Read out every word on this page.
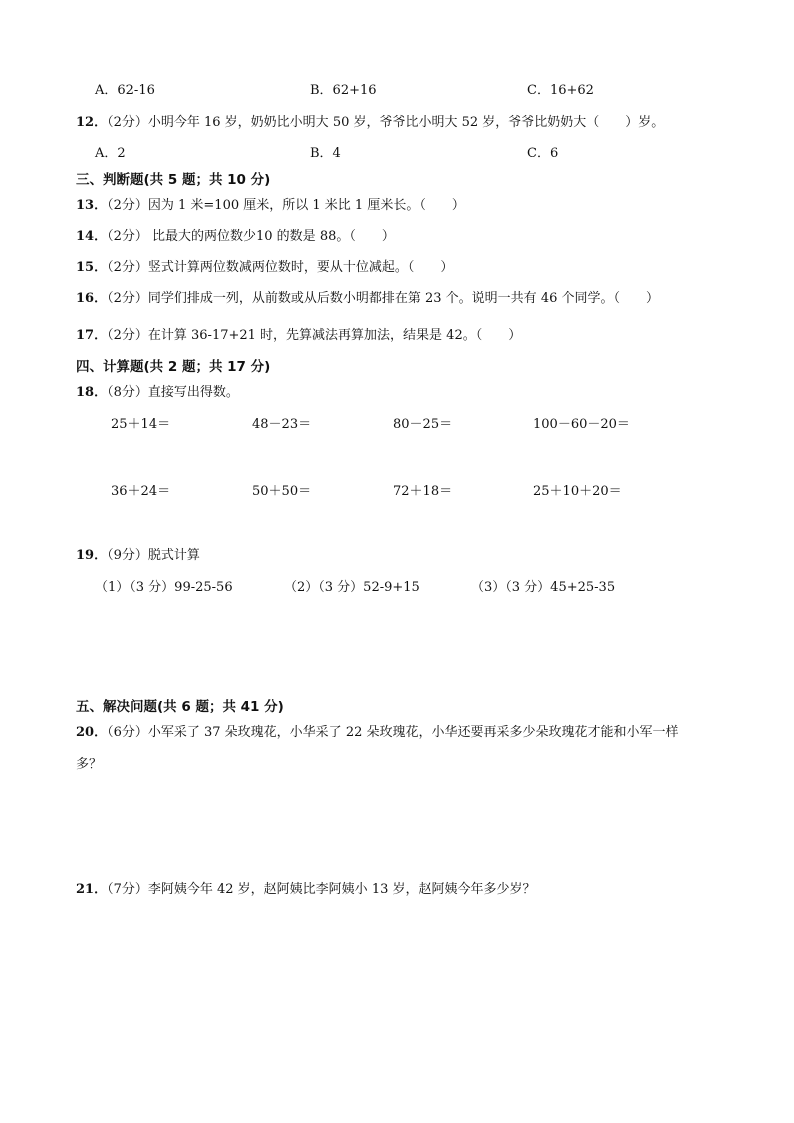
A．62-16	B．62+16	C．16+62
12．（2分）小明今年 16 岁，奶奶比小明大 50 岁，爷爷比小明大 52 岁，爷爷比奶奶大（　　）岁。
A．2	B．4	C．6
三、判断题(共 5 题；共 10 分)
13．（2分）因为 1 米=100 厘米，所以 1 米比 1 厘米长。（　　）
14．（2分） 比最大的两位数少10 的数是 88。（　　）
15．（2分）竖式计算两位数减两位数时，要从十位减起。（　　）
16．（2分）同学们排成一列，从前数或从后数小明都排在第 23 个。说明一共有 46 个同学。（　　）
17．（2分）在计算 36-17+21 时，先算减法再算加法，结果是 42。（　　）
四、计算题(共 2 题；共 17 分)
18．（8分）直接写出得数。
25＋14＝	48－23＝	80－25＝	100－60－20＝
36＋24＝	50＋50＝	72＋18＝	25＋10＋20＝
19．（9分）脱式计算
（1）（3 分）99-25-56	（2）（3 分）52-9+15	（3）（3 分）45+25-35
五、解决问题(共 6 题；共 41 分)
20．（6分）小军采了 37 朵玫瑰花，小华采了 22 朵玫瑰花，小华还要再采多少朵玫瑰花才能和小军一样
多？
21．（7分）李阿姨今年 42 岁，赵阿姨比李阿姨小 13 岁，赵阿姨今年多少岁？
